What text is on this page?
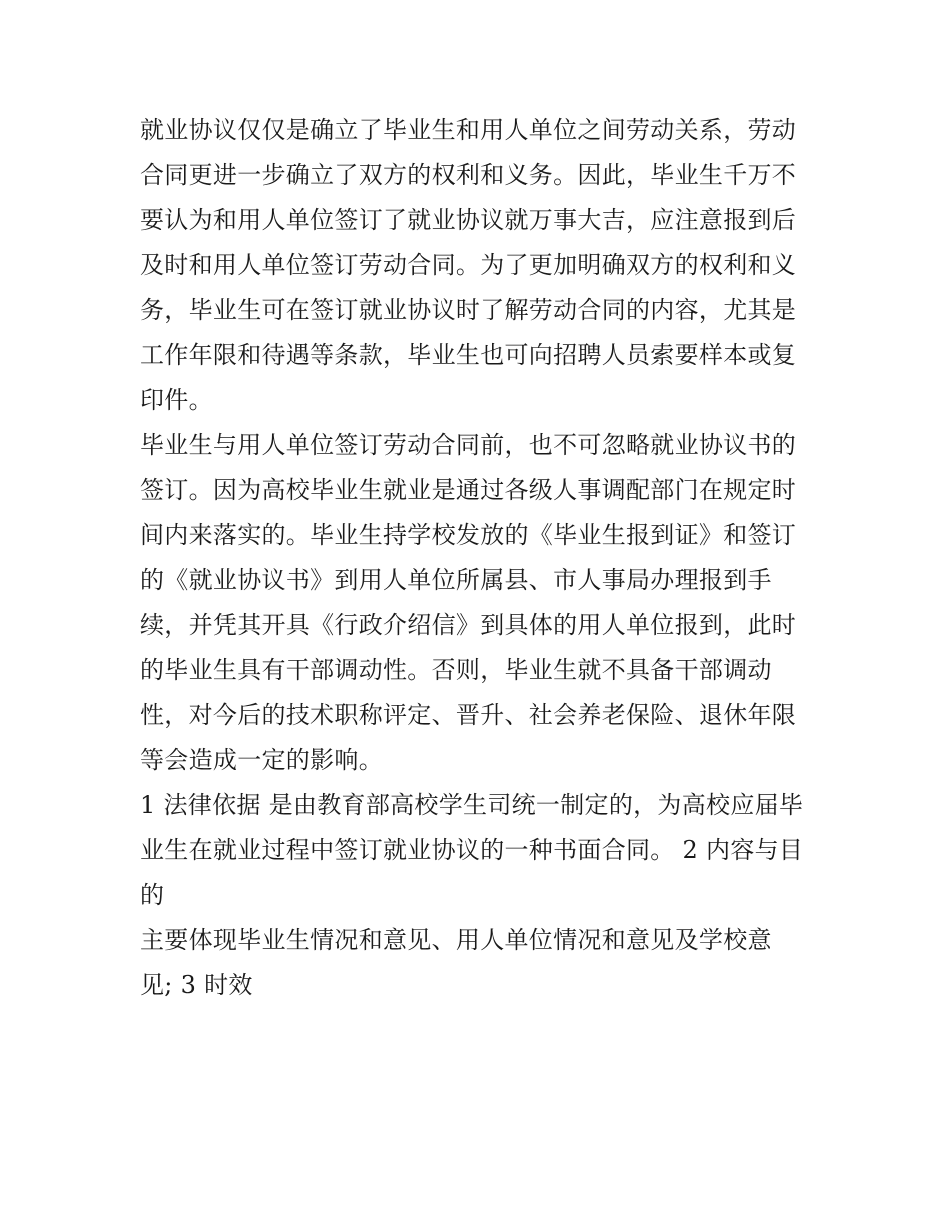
就业协议仅仅是确立了毕业生和用人单位之间劳动关系，劳动
合同更进一步确立了双方的权利和义务。因此，毕业生千万不
要认为和用人单位签订了就业协议就万事大吉，应注意报到后
及时和用人单位签订劳动合同。为了更加明确双方的权利和义
务，毕业生可在签订就业协议时了解劳动合同的内容，尤其是
工作年限和待遇等条款，毕业生也可向招聘人员索要样本或复
印件。
毕业生与用人单位签订劳动合同前，也不可忽略就业协议书的
签订。因为高校毕业生就业是通过各级人事调配部门在规定时
间内来落实的。毕业生持学校发放的《毕业生报到证》和签订
的《就业协议书》到用人单位所属县、市人事局办理报到手
续，并凭其开具《行政介绍信》到具体的用人单位报到，此时
的毕业生具有干部调动性。否则，毕业生就不具备干部调动
性，对今后的技术职称评定、晋升、社会养老保险、退休年限
等会造成一定的影响。
1 法律依据 是由教育部高校学生司统一制定的，为高校应届毕
业生在就业过程中签订就业协议的一种书面合同。 2 内容与目
的
主要体现毕业生情况和意见、用人单位情况和意见及学校意
见; 3 时效
